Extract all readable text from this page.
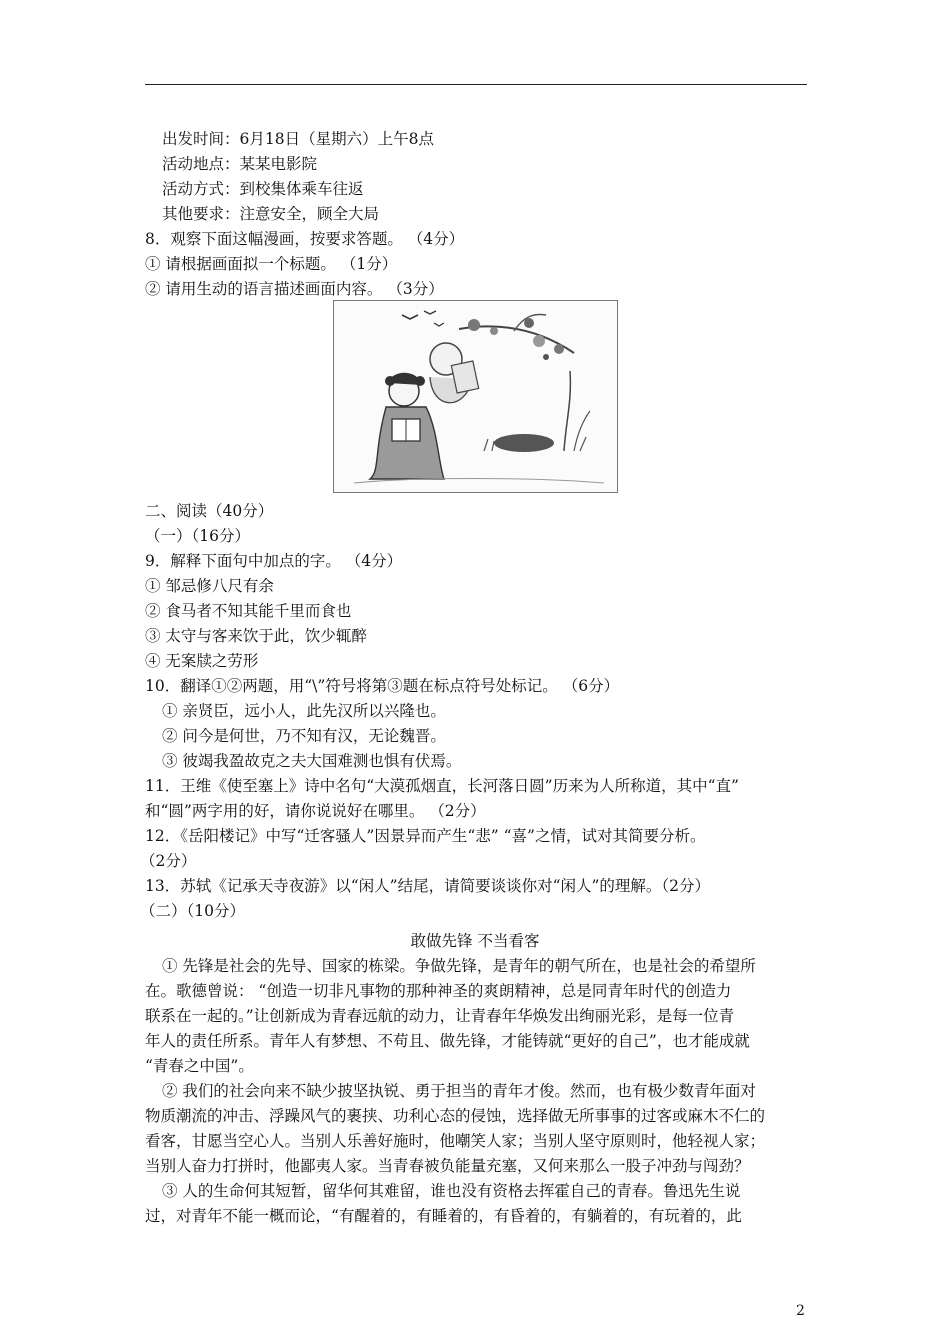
出发时间：6月18日（星期六）上午8点
活动地点：某某电影院
活动方式：到校集体乘车往返
其他要求：注意安全，顾全大局
8．观察下面这幅漫画，按要求答题。 （4分）
① 请根据画面拟一个标题。 （1分）
② 请用生动的语言描述画面内容。 （3分）
二、阅读（40分）
（一）（16分）
9．解释下面句中加点的字。 （4分）
① 邹忌修八尺有余
② 食马者不知其能千里而食也
③ 太守与客来饮于此，饮少辄醉
④ 无案牍之劳形
10．翻译①②两题，用“\”符号将第③题在标点符号处标记。 （6分）
① 亲贤臣，远小人，此先汉所以兴隆也。
② 问今是何世，乃不知有汉，无论魏晋。
③ 彼竭我盈故克之夫大国难测也惧有伏焉。
11．王维《使至塞上》诗中名句“大漠孤烟直，长河落日圆”历来为人所称道，其中“直”
和“圆”两字用的好，请你说说好在哪里。 （2分）
12．《岳阳楼记》中写“迁客骚人”因景异而产生“悲” “喜”之情，试对其简要分析。
（2分）
13．苏轼《记承天寺夜游》以“闲人”结尾，请简要谈谈你对“闲人”的理解。（2分）
（二）（10分）
敢做先锋 不当看客
① 先锋是社会的先导、国家的栋梁。争做先锋，是青年的朝气所在，也是社会的希望所
在。歌德曾说： “创造一切非凡事物的那种神圣的爽朗精神，总是同青年时代的创造力
联系在一起的。”让创新成为青春远航的动力，让青春年华焕发出绚丽光彩，是每一位青
年人的责任所系。青年人有梦想、不苟且、做先锋，才能铸就“更好的自己”，也才能成就
“青春之中国”。
② 我们的社会向来不缺少披坚执锐、勇于担当的青年才俊。然而，也有极少数青年面对
物质潮流的冲击、浮躁风气的裹挟、功利心态的侵蚀，选择做无所事事的过客或麻木不仁的
看客，甘愿当空心人。当别人乐善好施时，他嘲笑人家；当别人坚守原则时，他轻视人家；
当别人奋力打拼时，他鄙夷人家。当青春被负能量充塞，又何来那么一股子冲劲与闯劲？
③ 人的生命何其短暂，留华何其难留，谁也没有资格去挥霍自己的青春。鲁迅先生说
过，对青年不能一概而论，“有醒着的，有睡着的，有昏着的，有躺着的，有玩着的，此
2
